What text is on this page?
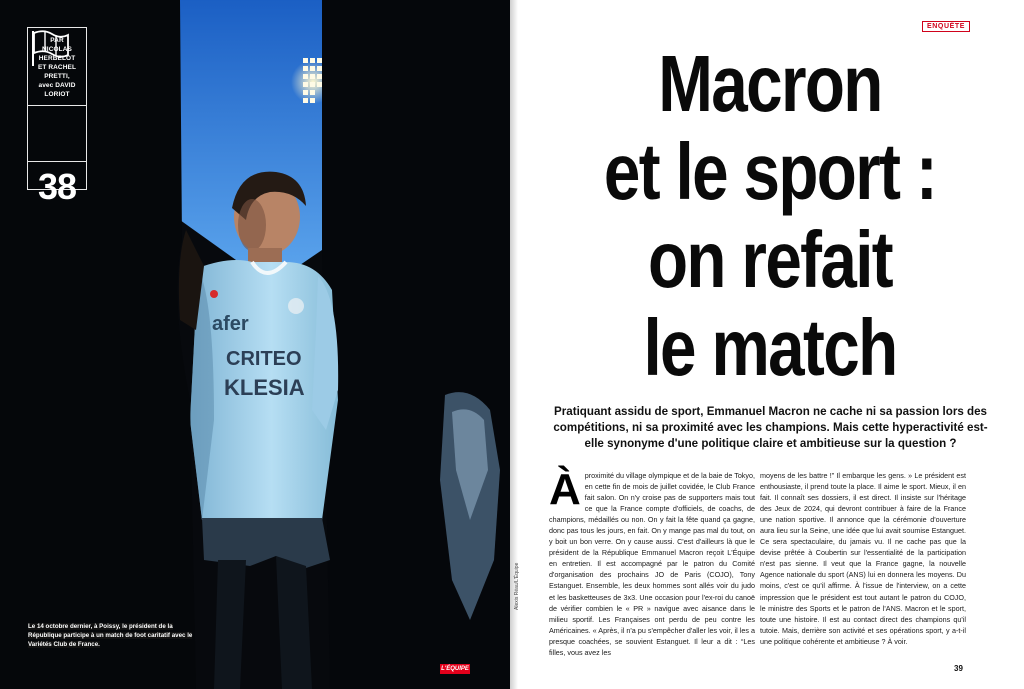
afer
CRITEO
KLESIA
PAR
NICOLAS HERBELOT
ET RACHEL PRETTI,
avec DAVID LORIOT
38
Le 14 octobre dernier, à Poissy, le président de la République participe à un match de foot caritatif avec le Variétés Club de France.
L'ÉQUIPE
Alexis Réau/L'Équipe
ENQUÊTE
Macron
et le sport :
on refait
le match
Pratiquant assidu de sport, Emmanuel Macron ne cache ni sa passion lors des compétitions, ni sa proximité avec les champions. Mais cette hyperactivité est-elle synonyme d'une politique claire et ambitieuse sur la question ?
Àproximité du village olympique et de la baie de Tokyo, en cette fin de mois de juillet covidée, le Club France fait salon. On n'y croise pas de supporters mais tout ce que la France compte d'officiels, de coachs, de champions, médaillés ou non. On y fait la fête quand ça gagne, donc pas tous les jours, en fait. On y mange pas mal du tout, on y boit un bon verre. On y cause aussi. C'est d'ailleurs là que le président de la République Emmanuel Macron reçoit L'Équipe en entretien. Il est accompagné par le patron du Comité d'organisation des prochains JO de Paris (COJO), Tony Estanguet. Ensemble, les deux hommes sont allés voir du judo et les basketteuses de 3x3. Une occasion pour l'ex-roi du canoë de vérifier combien le « PR » navigue avec aisance dans le milieu sportif. Les Françaises ont perdu de peu contre les Américaines. « Après, il n'a pu s'empêcher d'aller les voir, il les a presque coachées, se souvient Estanguet. Il leur a dit : “Les filles, vous avez les
moyens de les battre !” Il embarque les gens. » Le président est enthousiaste, il prend toute la place. Il aime le sport. Mieux, il en fait. Il connaît ses dossiers, il est direct. Il insiste sur l'héritage des Jeux de 2024, qui devront contribuer à faire de la France une nation sportive. Il annonce que la cérémonie d'ouverture aura lieu sur la Seine, une idée que lui avait soumise Estanguet. Ce sera spectaculaire, du jamais vu. Il ne cache pas que la devise prêtée à Coubertin sur l'essentialité de la participation n'est pas sienne. Il veut que la France gagne, la nouvelle Agence nationale du sport (ANS) lui en donnera les moyens. Du moins, c'est ce qu'il affirme. À l'issue de l'interview, on a cette impression que le président est tout autant le patron du COJO, le ministre des Sports et le patron de l'ANS. Macron et le sport, toute une histoire. Il est au contact direct des champions qu'il tutoie. Mais, derrière son activité et ses opérations sport, y a-t-il une politique cohérente et ambitieuse ? À voir.
39
